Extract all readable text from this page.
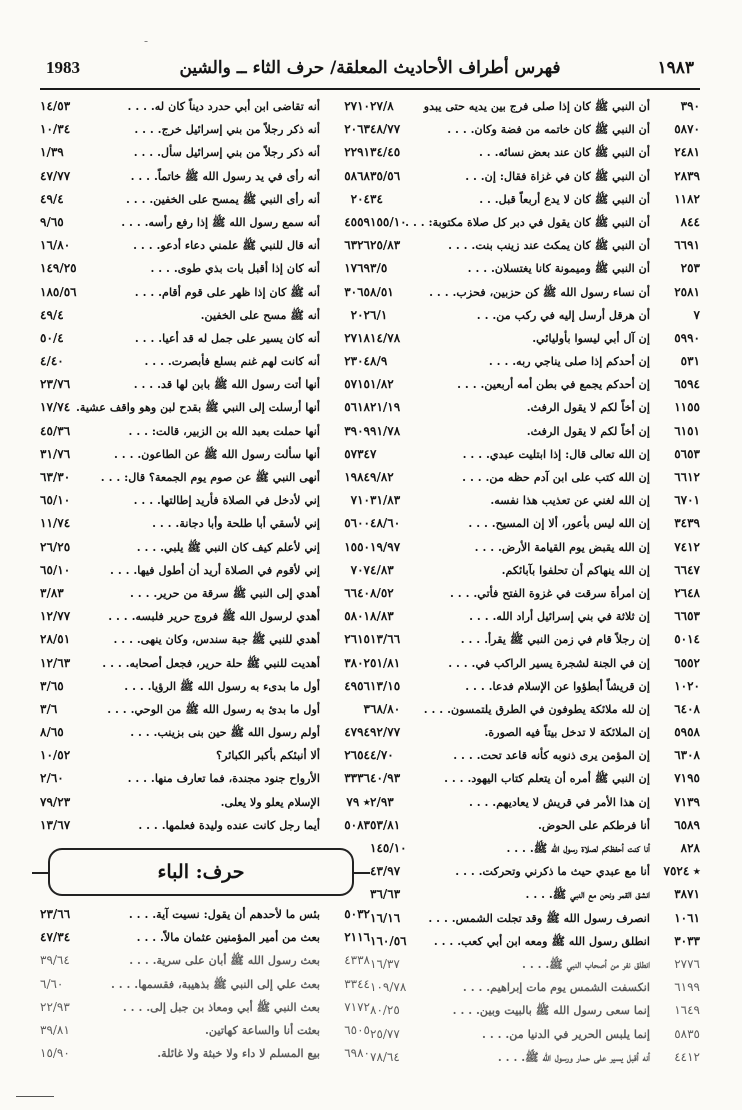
-
1983	فهرس أطراف الأحاديث المعلقة/ حرف الثاء ــ والشين	١٩٨٣
٣٩٠
أن النبي ﷺ كان إذا صلى فرج بين يديه حتى يبدو
٢٧/٨
٥٨٧٠
أن النبي ﷺ كان خاتمه من فضة وكان. . . .
٤٨/٧٧
٢٤٨١
أن النبي ﷺ كان عند بعض نسائه. . .
٣٤/٤٥
٢٨٣٩
أن النبي ﷺ كان في غزاة فقال: إن. . .
٣٥/٥٦
١١٨٢
أن النبي ﷺ كان لا يدع أربعاً قبل. . .
٣٤
٨٤٤
أن النبي ﷺ كان يقول في دبر كل صلاة مكتوبة: . . .
١٥٥/١٠
٦٦٩١
أن النبي ﷺ كان يمكث عند زينب بنت. . . .
٢٥/٨٣
٢٥٣
أن النبي ﷺ وميمونة كانا يغتسلان. . . .
٣/٥
٢٥٨١
أن نساء رسول الله ﷺ كن حزبين، فحزب. . . .
٨/٥١
٧
أن هرقل أرسل إليه في ركب من. . .
٦/١
٥٩٩٠
إن آل أبي ليسوا بأوليائي.
١٤/٧٨
٥٣١
إن أحدكم إذا صلى يناجي ربه. . . .
٨/٩
٦٥٩٤
إن أحدكم يجمع في بطن أمه أربعين. . . .
١/٨٢
١١٥٥
إن أخاً لكم لا يقول الرفث.
٢١/١٩
٦١٥١
إن أخاً لكم لا يقول الرفث.
٩١/٧٨
٥٦٥٣
إن الله تعالى قال: إذا ابتليت عبدي. . . .
٧
٦٦١٢
إن الله كتب على ابن آدم حظه من. . . .
٩/٨٢
٦٧٠١
إن الله لغني عن تعذيب هذا نفسه.
٣١/٨٣
٣٤٣٩
إن الله ليس بأعور، ألا إن المسيح. . . .
٤٨/٦٠
٧٤١٢
إن الله يقبض يوم القيامة الأرض. . . .
١٩/٩٧
٦٦٤٧
إن الله ينهاكم أن تحلفوا بآبائكم.
٤/٨٣
٢٦٤٨
إن امرأة سرقت في غزوة الفتح فأتي. . . .
٨/٥٢
٦٦٥٣
إن ثلاثة في بني إسرائيل أراد الله. . . .
٨/٨٣
٥٠١٤
إن رجلاً قام في زمن النبي ﷺ يقرأ. . . .
١٣/٦٦
٦٥٥٢
إن في الجنة لشجرة يسير الراكب في. . . .
٥١/٨١
١٠٢٠
إن قريشاً أبطؤوا عن الإسلام فدعا. . . .
١٣/١٥
٦٤٠٨
إن لله ملائكة يطوفون في الطرق يلتمسون. . . .
٦٨/٨٠
٥٩٥٨
إن الملائكة لا تدخل بيتاً فيه الصورة.
٩٢/٧٧
٦٣٠٨
إن المؤمن يرى ذنوبه كأنه قاعد تحت. . . .
٤/٧٠
٧١٩٥
إن النبي ﷺ أمره أن يتعلم كتاب اليهود. . . .
٤٠/٩٣
٧١٣٩
إن هذا الأمر في قريش لا يعاديهم. . . .
٢/٩٣
٦٥٨٩
أنا فرطكم على الحوض.
٥٣/٨١
٨٢٨
أنا كنت أحفظكم لصلاة رسول الله ﷺ. . . .
١٤٥/١٠
٭ ٧٥٢٤
أنا مع عبدي حيث ما ذكرني وتحركت. . . .
٤٣/٩٧
٣٨٧١
انشق القمر ونحن مع النبي ﷺ. . . .
٣٦/٦٣
١٠٦١
انصرف رسول الله ﷺ وقد تجلت الشمس. . . .
١٦/١٦
٣٠٣٣
انطلق رسول الله ﷺ ومعه ابن أبي كعب. . . .
١٦٠/٥٦
٢٧٧٦
انطلق نفر من أصحاب النبي ﷺ. . . .
١٦/٣٧
٦١٩٩
انكسفت الشمس يوم مات إبراهيم. . . .
١٠٩/٧٨
١٦٤٩
إنما سعى رسول الله ﷺ بالبيت وبين. . . .
٨٠/٢٥
٥٨٣٥
إنما يلبس الحرير في الدنيا من. . . .
٢٥/٧٧
٤٤١٢
أنه أقبل يسير على حمار ورسول الله ﷺ. . . .
٧٨/٦٤
٢٧١٠
أنه تقاضى ابن أبي حدرد ديناً كان له. . . .
١٤/٥٣
٢٠٦٣
أنه ذكر رجلاً من بني إسرائيل خرج. . . .
١٠/٣٤
٢٢٩١
أنه ذكر رجلاً من بني إسرائيل سأل. . . .
١/٣٩
٥٨٦٨
أنه رأى في يد رسول الله ﷺ خاتماً. . . .
٤٧/٧٧
٢٠٤
أنه رأى النبي ﷺ يمسح على الخفين. . . .
٤٩/٤
٤٥٥٩
أنه سمع رسول الله ﷺ إذا رفع رأسه. . . .
٩/٦٥
٦٣٢٦
أنه قال للنبي ﷺ علمني دعاء أدعو. . . .
١٦/٨٠
١٧٦٩
أنه كان إذا أقبل بات بذي طوى. . . .
١٤٩/٢٥
٣٠٦٥
أنه ﷺ كان إذا ظهر على قوم أقام. . . .
١٨٥/٥٦
٢٠٢
أنه ﷺ مسح على الخفين.
٤٩/٤
٢٧١٨
أنه كان يسير على جمل له قد أعيا. . . .
٥٠/٤
٢٣٠٤
أنه كانت لهم غنم بسلع فأبصرت. . . .
٤/٤٠
٥٧١٥
أنها أتت رسول الله ﷺ بابن لها قد. . . .
٢٣/٧٦
٥٦١٨
أنها أرسلت إلى النبي ﷺ بقدح لبن وهو واقف عشية.
١٧/٧٤
٣٩٠٩
أنها حملت بعبد الله بن الزبير، قالت: . . .
٤٥/٣٦
٥٧٣٤
أنها سألت رسول الله ﷺ عن الطاعون. . . .
٣١/٧٦
١٩٨٤
أنهى النبي ﷺ عن صوم يوم الجمعة؟ قال: . . .
٦٣/٣٠
٧١٠
إني لأدخل في الصلاة فأريد إطالتها. . . .
٦٥/١٠
٥٦٠٠
إني لأسقي أبا طلحة وأبا دجانة. . . .
١١/٧٤
١٥٥٠
إني لأعلم كيف كان النبي ﷺ يلبي. . . .
٢٦/٢٥
٧٠٧
إني لأقوم في الصلاة أريد أن أطول فيها. . . .
٦٥/١٠
٦٦٤٠
أهدي إلى النبي ﷺ سرقة من حرير. . . .
٣/٨٣
٥٨٠١
أهدي لرسول الله ﷺ فروج حرير فلبسه. . . .
١٢/٧٧
٢٦١٥
أهدي للنبي ﷺ جبة سندس، وكان ينهى. . . .
٢٨/٥١
٣٨٠٢
أهديت للنبي ﷺ حلة حرير، فجعل أصحابه. . . .
١٢/٦٣
٤٩٥٦
أول ما بدىء به رسول الله ﷺ الرؤيا. . . .
٣/٦٥
٣
أول ما بدئ به رسول الله ﷺ من الوحي. . . .
٣/٦
٤٧٩٤
أولم رسول الله ﷺ حين بنى بزينب. . . .
٨/٦٥
٢٦٥٤
ألا أنبئكم بأكبر الكبائر؟
١٠/٥٢
٣٣٣٦
الأرواح جنود مجندة، فما تعارف منها. . . .
٢/٦٠
٭ ٧٩
الإسلام يعلو ولا يعلى.
٧٩/٢٣
٥٠٨٣
أيما رجل كانت عنده وليدة فعلمها. . . .
١٣/٦٧
حرف: الباء
٥٠٣٢
بئس ما لأحدهم أن يقول: نسيت آية. . . .
٢٣/٦٦
٢١١٦
بعث من أمير المؤمنين عثمان مالاً. . . .
٤٧/٣٤
٤٣٣٨
بعث رسول الله ﷺ أبان على سرية. . . .
٣٩/٦٤
٣٣٤٤
بعث علي إلى النبي ﷺ بذهيبة، فقسمها. . . .
٦/٦٠
٧١٧٢
بعث النبي ﷺ أبي ومعاذ بن جبل إلى. . . .
٢٢/٩٣
٦٥٠٥
بعثت أنا والساعة كهاتين.
٣٩/٨١
٦٩٨٠
بيع المسلم لا داء ولا خبثة ولا غائلة.
١٥/٩٠
